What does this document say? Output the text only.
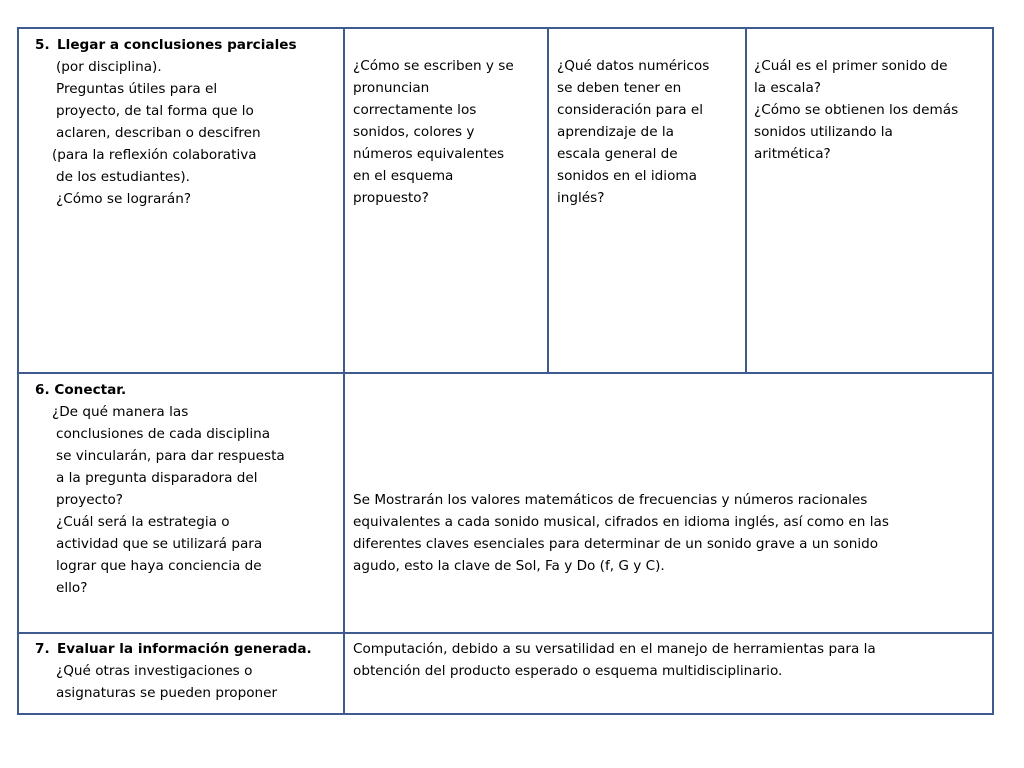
5. Llegar a conclusiones parciales

(por disciplina).

Preguntas útiles para el

proyecto, de tal forma que lo

aclaren, describan o descifren

(para la reflexión colaborativa

de los estudiantes).

¿Cómo se lograrán?

¿Cómo se escriben y se

pronuncian

correctamente los

sonidos, colores y

números equivalentes

en el esquema

propuesto?

¿Qué datos numéricos

se deben tener en

consideración para el

aprendizaje de la

escala general de

sonidos en el idioma

inglés?

¿Cuál es el primer sonido de

la escala?

¿Cómo se obtienen los demás

sonidos utilizando la

aritmética?

6. Conectar.

¿De qué manera las

conclusiones de cada disciplina

se vincularán, para dar respuesta

a la pregunta disparadora del

proyecto?

¿Cuál será la estrategia o

actividad que se utilizará para

lograr que haya conciencia de

ello?

Se Mostrarán los valores matemáticos de frecuencias y números racionales

equivalentes a cada sonido musical, cifrados en idioma inglés, así como en las

diferentes claves esenciales para determinar de un sonido grave a un sonido

agudo, esto la clave de Sol, Fa y Do (f, G y C).

7. Evaluar la información generada.

¿Qué otras investigaciones o

asignaturas se pueden proponer

Computación, debido a su versatilidad en el manejo de herramientas para la

obtención del producto esperado o esquema multidisciplinario.
